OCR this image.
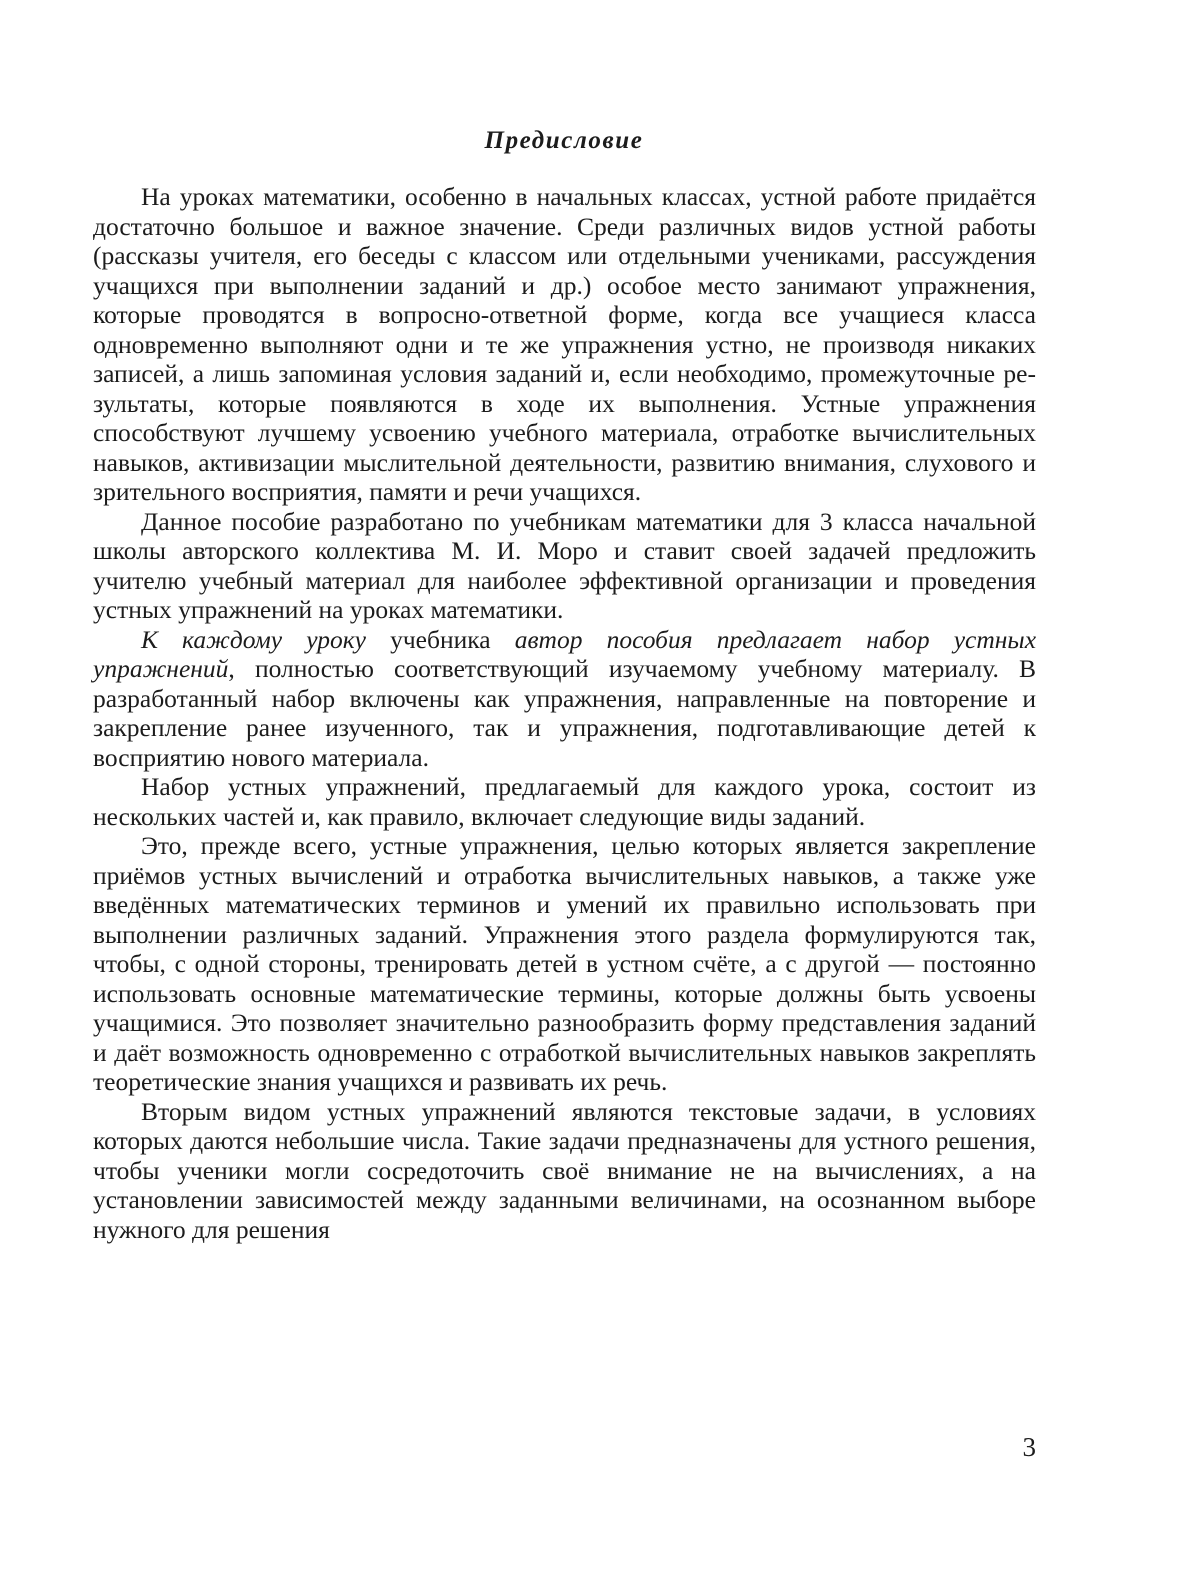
Предисловие

На уроках математики, особенно в начальных классах, устной работе придаётся достаточно большое и важное значение. Среди различных видов устной работы (рассказы учителя, его беседы с классом или отдельными учениками, рассуждения учащихся при выполнении заданий и др.) особое место занимают упражнения, которые проводятся в вопросно-ответной форме, когда все учащиеся класса одновременно выполняют одни и те же упражнения устно, не производя никаких записей, а лишь запоминая условия заданий и, если необходимо, промежуточные результаты, которые появляются в ходе их выполнения. Устные упражнения способствуют лучшему усвоению учебного материала, отработке вычислительных навыков, активизации мыслительной деятельности, развитию внимания, слухового и зрительного восприятия, памяти и речи учащихся.

Данное пособие разработано по учебникам математики для 3 класса начальной школы авторского коллектива М. И. Моро и ставит своей задачей предложить учителю учебный материал для наиболее эффективной организации и проведения устных упражнений на уроках математики.

К каждому уроку учебника автор пособия предлагает набор устных упражнений, полностью соответствующий изучаемому учебному материалу. В разработанный набор включены как упражнения, направленные на повторение и закрепление ранее изученного, так и упражнения, подготавливающие детей к восприятию нового материала.

Набор устных упражнений, предлагаемый для каждого урока, состоит из нескольких частей и, как правило, включает следующие виды заданий.

Это, прежде всего, устные упражнения, целью которых является закрепление приёмов устных вычислений и отработка вычислительных навыков, а также уже введённых математических терминов и умений их правильно использовать при выполнении различных заданий. Упражнения этого раздела формулируются так, чтобы, с одной стороны, тренировать детей в устном счёте, а с другой — постоянно использовать основные математические термины, которые должны быть усвоены учащимися. Это позволяет значительно разнообразить форму представления заданий и даёт возможность одновременно с отработкой вычислительных навыков закреплять теоретические знания учащихся и развивать их речь.

Вторым видом устных упражнений являются текстовые задачи, в условиях которых даются небольшие числа. Такие задачи предназначены для устного решения, чтобы ученики могли сосредоточить своё внимание не на вычислениях, а на установлении зависимостей между заданными величинами, на осознанном выборе нужного для решения

3
